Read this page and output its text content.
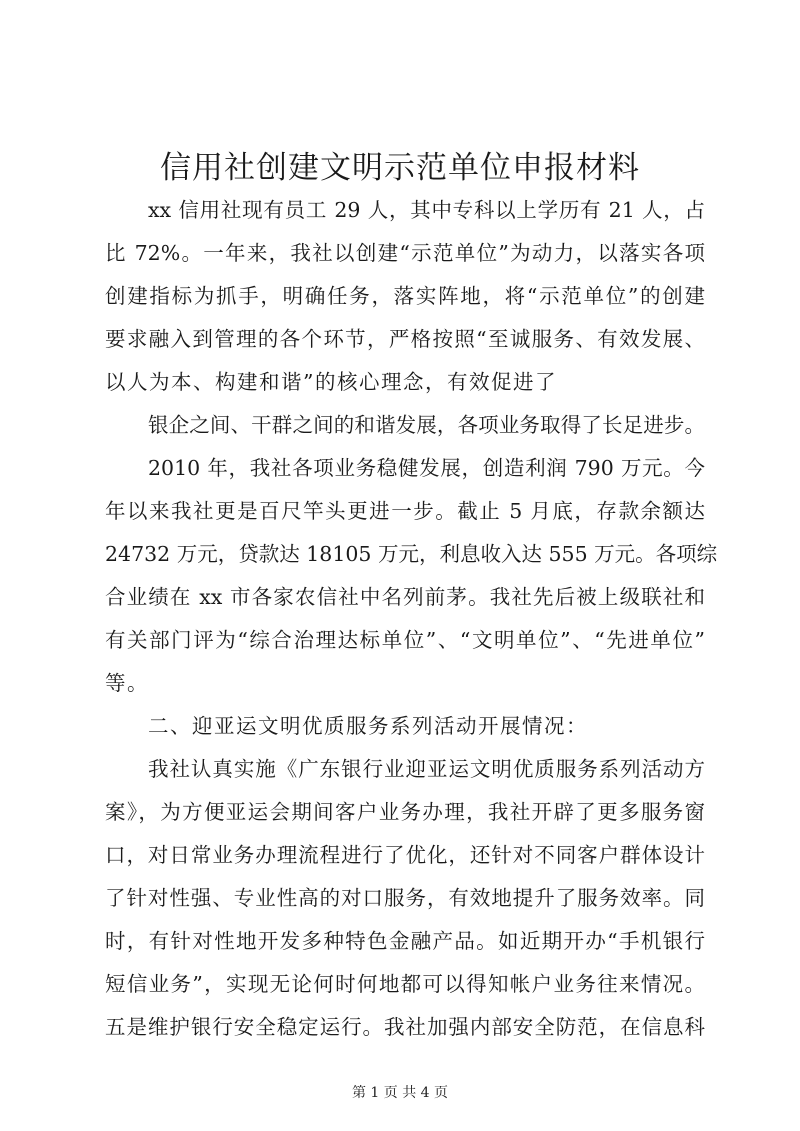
信用社创建文明示范单位申报材料
xx 信用社现有员工 29 人，其中专科以上学历有 21 人，占
比 72%。一年来，我社以创建“示范单位”为动力，以落实各项
创建指标为抓手，明确任务，落实阵地，将“示范单位”的创建
要求融入到管理的各个环节，严格按照“至诚服务、有效发展、
以人为本、构建和谐”的核心理念，有效促进了
银企之间、干群之间的和谐发展，各项业务取得了长足进步。
2010 年，我社各项业务稳健发展，创造利润 790 万元。今
年以来我社更是百尺竿头更进一步。截止 5 月底，存款余额达
24732 万元，贷款达 18105 万元，利息收入达 555 万元。各项综
合业绩在 xx 市各家农信社中名列前茅。我社先后被上级联社和
有关部门评为“综合治理达标单位”、“文明单位”、“先进单位”
等。
二、迎亚运文明优质服务系列活动开展情况：
我社认真实施《广东银行业迎亚运文明优质服务系列活动方
案》，为方便亚运会期间客户业务办理，我社开辟了更多服务窗
口，对日常业务办理流程进行了优化，还针对不同客户群体设计
了针对性强、专业性高的对口服务，有效地提升了服务效率。同
时，有针对性地开发多种特色金融产品。如近期开办“手机银行
短信业务”，实现无论何时何地都可以得知帐户业务往来情况。
五是维护银行安全稳定运行。我社加强内部安全防范，在信息科
第 1 页 共 4 页
